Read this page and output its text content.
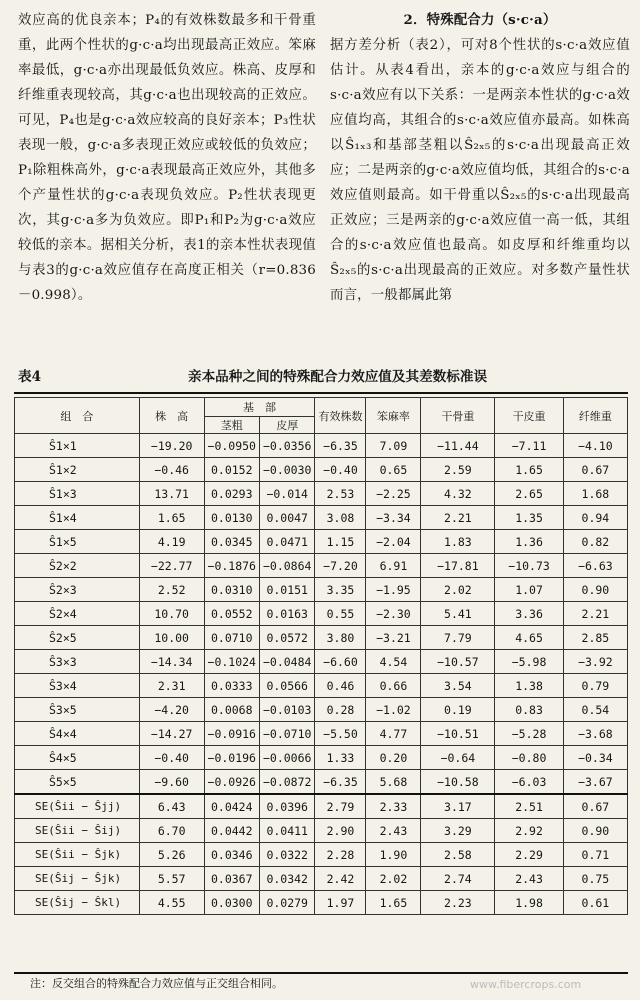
效应高的优良亲本；P₄的有效株数最多和干骨重重，此两个性状的g·c·a均出现最高正效应。笨麻率最低，g·c·a亦出现最低负效应。株高、皮厚和纤维重表现较高，其g·c·a也出现较高的正效应。可见，P₄也是g·c·a效应较高的良好亲本；P₃性状表现一般，g·c·a多表现正效应或较低的负效应；P₁除粗株高外，g·c·a表现最高正效应外，其他多个产量性状的g·c·a表现负效应。P₂性状表现更次，其g·c·a多为负效应。即P₁和P₂为g·c·a效应较低的亲本。据相关分析，表1的亲本性状表现值与表3的g·c·a效应值存在高度正相关（r=0.836－0.998）。

2．特殊配合力（s·c·a）

据方差分析（表2），可对8个性状的s·c·a效应值估计。从表4看出，亲本的g·c·a效应与组合的s·c·a效应有以下关系：一是两亲本性状的g·c·a效应值均高，其组合的s·c·a效应值亦最高。如株高以Ŝ₁ₓ₃和基部茎粗以Ŝ₂ₓ₅的s·c·a出现最高正效应；二是两亲的g·c·a效应值均低，其组合的s·c·a效应值则最高。如干骨重以Ŝ₂ₓ₅的s·c·a出现最高正效应；三是两亲的g·c·a效应值一高一低，其组合的s·c·a效应值也最高。如皮厚和纤维重均以Ŝ₂ₓ₅的s·c·a出现最高的正效应。对多数产量性状而言，一般都属此第

表4	亲本品种之间的特殊配合力效应值及其差数标准误
组　合	株　高	基　部		有效株数	笨麻率	干骨重	干皮重	纤维重
		茎粗	皮厚					
Ŝ1×1	−19.20	−0.0950	−0.0356	−6.35	7.09	−11.44	−7.11	−4.10
Ŝ1×2	−0.46	0.0152	−0.0030	−0.40	0.65	2.59	1.65	0.67
Ŝ1×3	13.71	0.0293	−0.014	2.53	−2.25	4.32	2.65	1.68
Ŝ1×4	1.65	0.0130	0.0047	3.08	−3.34	2.21	1.35	0.94
Ŝ1×5	4.19	0.0345	0.0471	1.15	−2.04	1.83	1.36	0.82
Ŝ2×2	−22.77	−0.1876	−0.0864	−7.20	6.91	−17.81	−10.73	−6.63
Ŝ2×3	2.52	0.0310	0.0151	3.35	−1.95	2.02	1.07	0.90
Ŝ2×4	10.70	0.0552	0.0163	0.55	−2.30	5.41	3.36	2.21
Ŝ2×5	10.00	0.0710	0.0572	3.80	−3.21	7.79	4.65	2.85
Ŝ3×3	−14.34	−0.1024	−0.0484	−6.60	4.54	−10.57	−5.98	−3.92
Ŝ3×4	2.31	0.0333	0.0566	0.46	0.66	3.54	1.38	0.79
Ŝ3×5	−4.20	0.0068	−0.0103	0.28	−1.02	0.19	0.83	0.54
Ŝ4×4	−14.27	−0.0916	−0.0710	−5.50	4.77	−10.51	−5.28	−3.68
Ŝ4×5	−0.40	−0.0196	−0.0066	1.33	0.20	−0.64	−0.80	−0.34
Ŝ5×5	−9.60	−0.0926	−0.0872	−6.35	5.68	−10.58	−6.03	−3.67
SE(Ŝii − Ŝjj)	6.43	0.0424	0.0396	2.79	2.33	3.17	2.51	0.67
SE(Ŝii − Ŝij)	6.70	0.0442	0.0411	2.90	2.43	3.29	2.92	0.90
SE(Ŝii − Ŝjk)	5.26	0.0346	0.0322	2.28	1.90	2.58	2.29	0.71
SE(Ŝij − Ŝjk)	5.57	0.0367	0.0342	2.42	2.02	2.74	2.43	0.75
SE(Ŝij − Ŝkl)	4.55	0.0300	0.0279	1.97	1.65	2.23	1.98	0.61
注：反交组合的特殊配合力效应值与正交组合相同。	www.fibercrops.com
